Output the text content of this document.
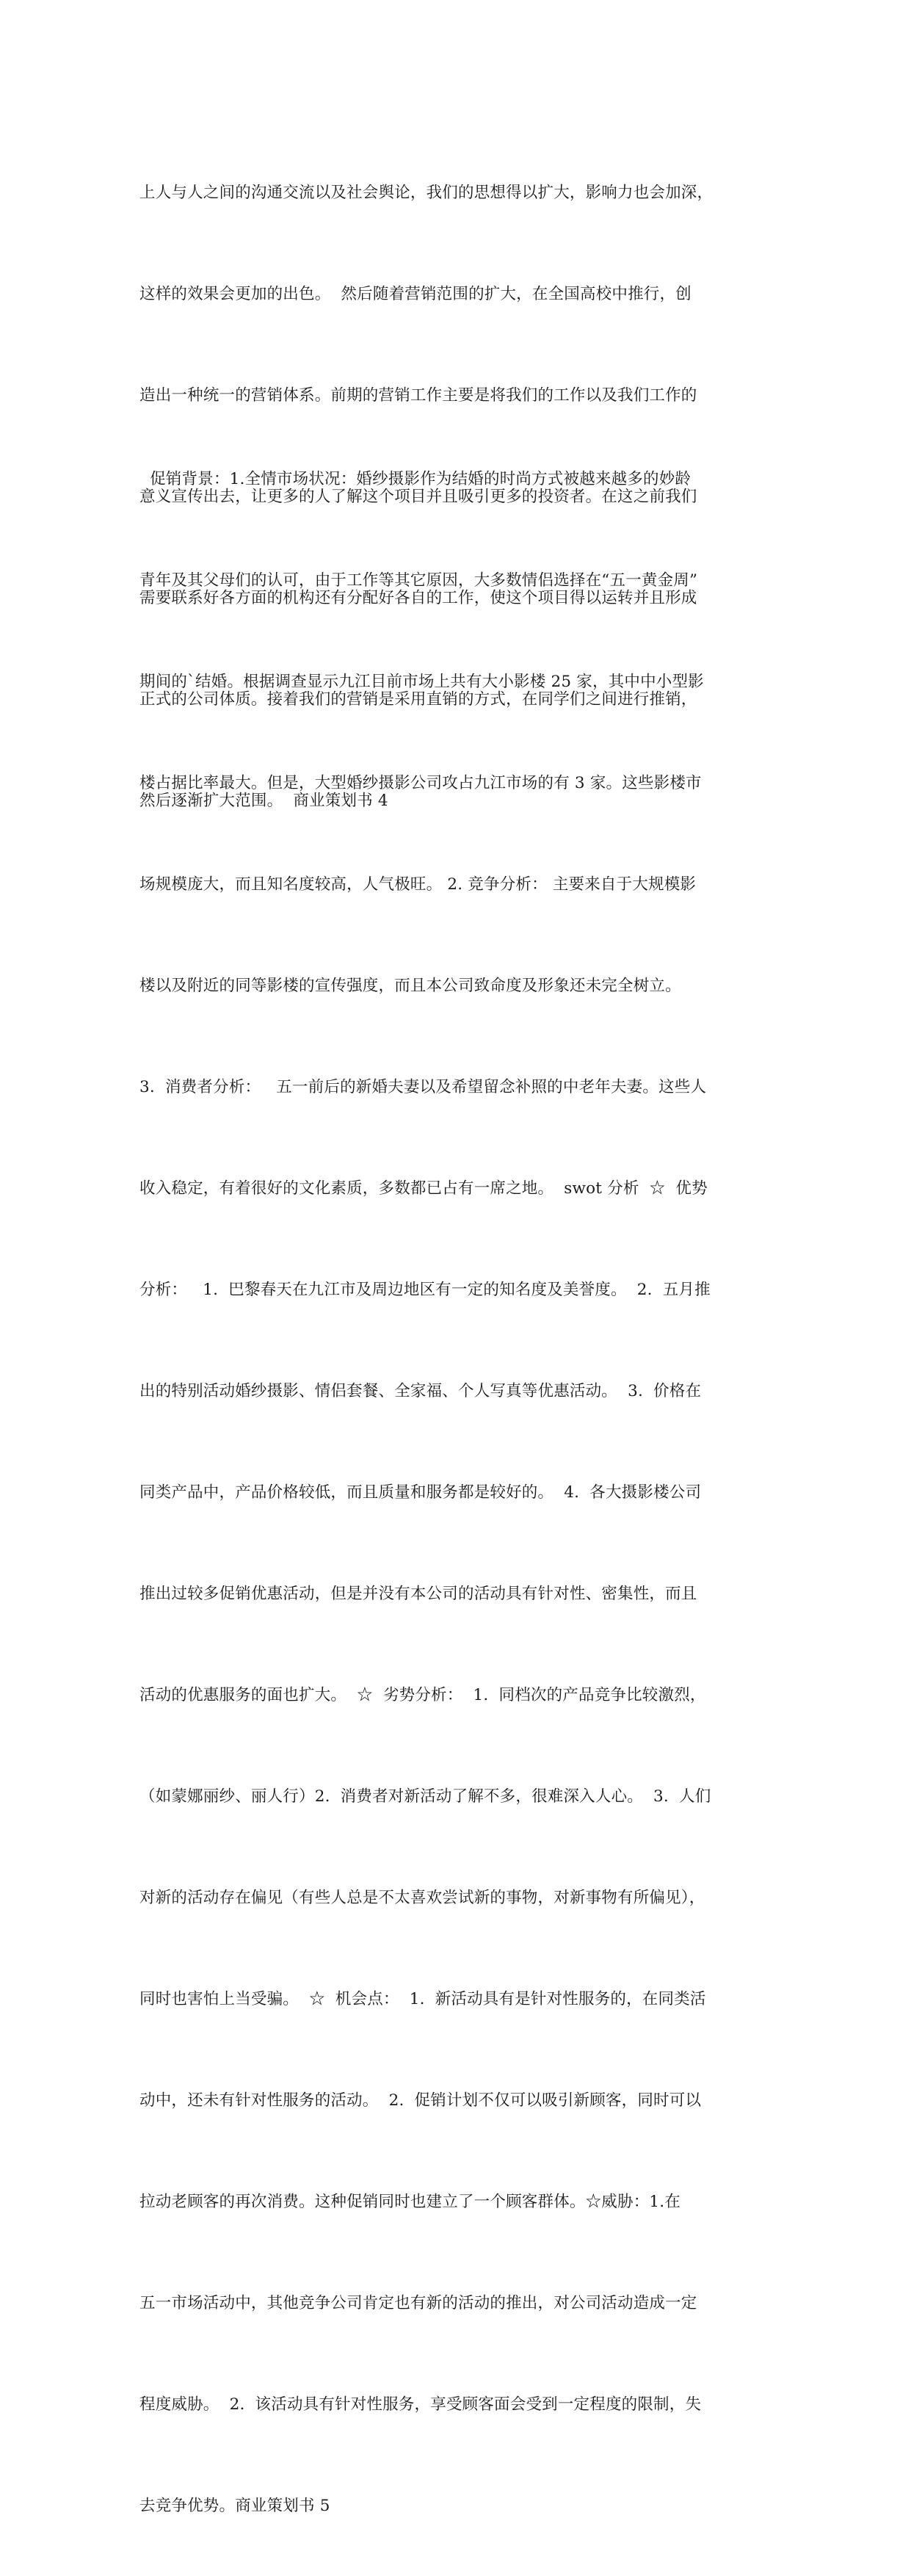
上人与人之间的沟通交流以及社会舆论，我们的思想得以扩大，影响力也会加深，

这样的效果会更加的出色。  然后随着营销范围的扩大，在全国高校中推行，创

造出一种统一的营销体系。前期的营销工作主要是将我们的工作以及我们工作的

意义宣传出去，让更多的人了解这个项目并且吸引更多的投资者。在这之前我们

需要联系好各方面的机构还有分配好各自的工作，使这个项目得以运转并且形成

正式的公司体质。接着我们的营销是采用直销的方式，在同学们之间进行推销，

然后逐渐扩大范围。  商业策划书 4

促销背景：1.全情市场状况：婚纱摄影作为结婚的时尚方式被越来越多的妙龄

青年及其父母们的认可，由于工作等其它原因，大多数情侣选择在“五一黄金周”

期间的`结婚。根据调查显示九江目前市场上共有大小影楼 25 家，其中中小型影

楼占据比率最大。但是，大型婚纱摄影公司攻占九江市场的有 3 家。这些影楼市

场规模庞大，而且知名度较高，人气极旺。 2. 竞争分析： 主要来自于大规模影

楼以及附近的同等影楼的宣传强度，而且本公司致命度及形象还未完全树立。

3.  消费者分析：   五一前后的新婚夫妻以及希望留念补照的中老年夫妻。这些人

收入稳定，有着很好的文化素质，多数都已占有一席之地。  swot 分析  ☆  优势

分析：   1.  巴黎春天在九江市及周边地区有一定的知名度及美誉度。  2.  五月推

出的特别活动婚纱摄影、情侣套餐、全家福、个人写真等优惠活动。  3.  价格在

同类产品中，产品价格较低，而且质量和服务都是较好的。  4.  各大摄影楼公司

推出过较多促销优惠活动，但是并没有本公司的活动具有针对性、密集性，而且

活动的优惠服务的面也扩大。  ☆  劣势分析：  1.  同档次的产品竞争比较激烈，

（如蒙娜丽纱、丽人行）2.  消费者对新活动了解不多，很难深入人心。  3.  人们

对新的活动存在偏见（有些人总是不太喜欢尝试新的事物，对新事物有所偏见），

同时也害怕上当受骗。  ☆  机会点：  1.  新活动具有是针对性服务的，在同类活

动中，还未有针对性服务的活动。  2.  促销计划不仅可以吸引新顾客，同时可以

拉动老顾客的再次消费。这种促销同时也建立了一个顾客群体。☆威胁：1.在

五一市场活动中，其他竞争公司肯定也有新的活动的推出，对公司活动造成一定

程度威胁。  2.  该活动具有针对性服务，享受顾客面会受到一定程度的限制，失

去竞争优势。商业策划书 5
